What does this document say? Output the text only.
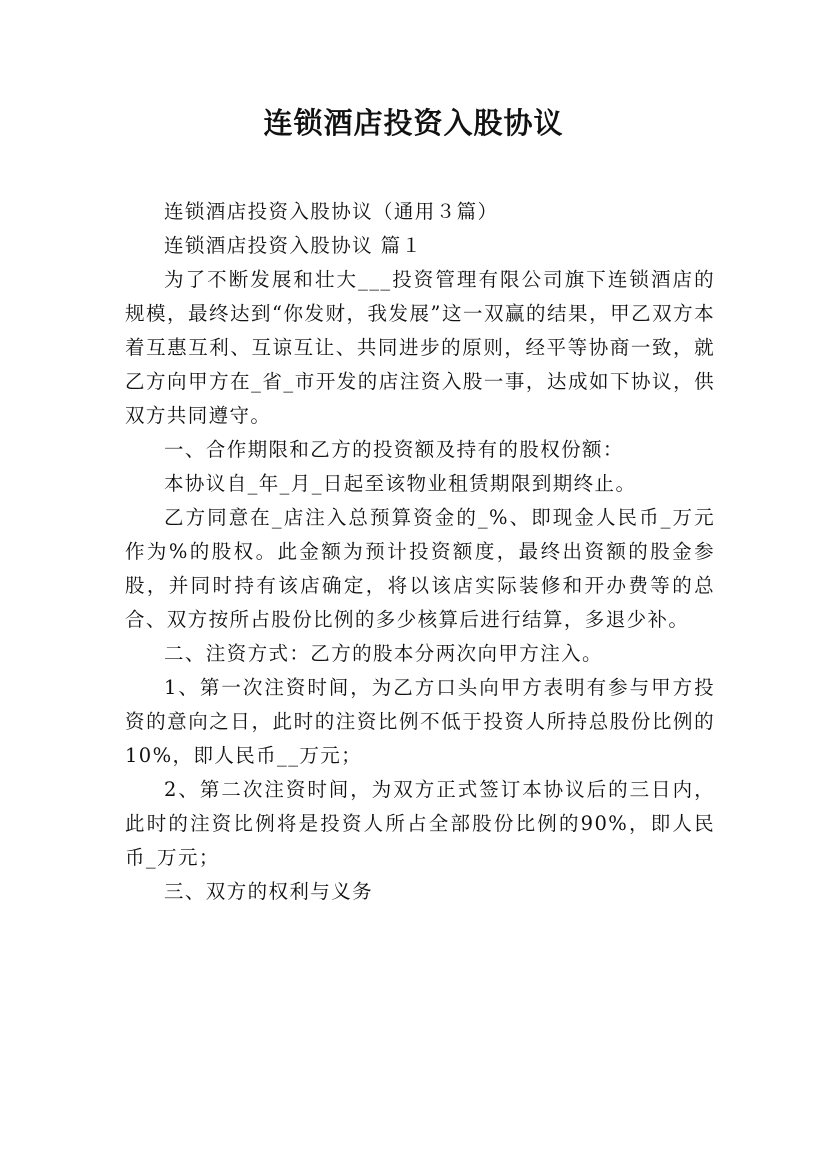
连锁酒店投资入股协议

连锁酒店投资入股协议（通用３篇）

连锁酒店投资入股协议 篇１

为了不断发展和壮大___投资管理有限公司旗下连锁酒店的规模，最终达到“你发财，我发展”这一双赢的结果，甲乙双方本着互惠互利、互谅互让、共同进步的原则，经平等协商一致，就乙方向甲方在_省_市开发的店注资入股一事，达成如下协议，供双方共同遵守。

一、合作期限和乙方的投资额及持有的股权份额：

本协议自_年_月_日起至该物业租赁期限到期终止。

乙方同意在_店注入总预算资金的_%、即现金人民币_万元作为%的股权。此金额为预计投资额度，最终出资额的股金参股，并同时持有该店确定，将以该店实际装修和开办费等的总合、双方按所占股份比例的多少核算后进行结算，多退少补。

二、注资方式：乙方的股本分两次向甲方注入。

1、第一次注资时间，为乙方口头向甲方表明有参与甲方投资的意向之日，此时的注资比例不低于投资人所持总股份比例的10%，即人民币__万元；

2、第二次注资时间，为双方正式签订本协议后的三日内，此时的注资比例将是投资人所占全部股份比例的90%，即人民币_万元；

三、双方的权利与义务
